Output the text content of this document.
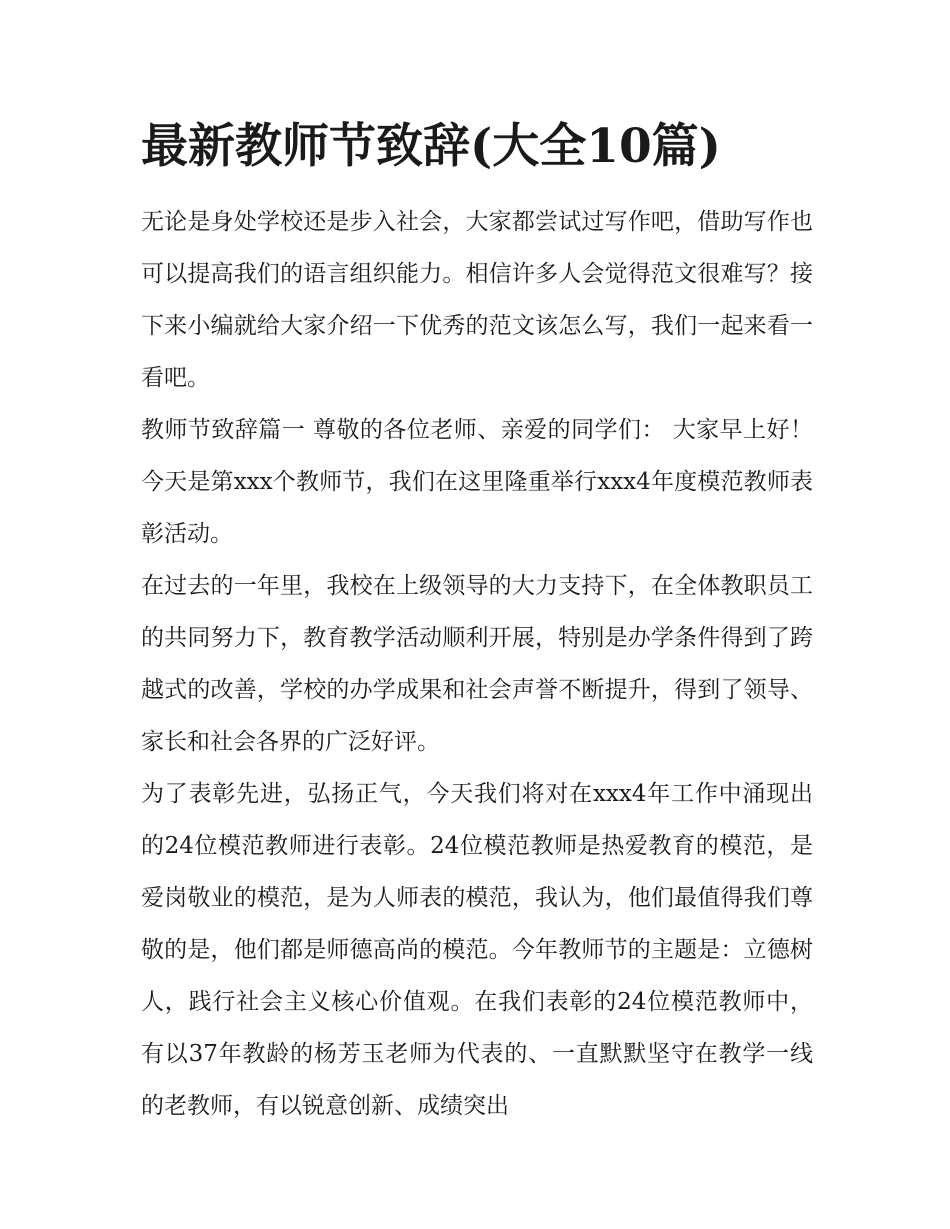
最新教师节致辞(大全10篇)

无论是身处学校还是步入社会，大家都尝试过写作吧，借助写作也可以提高我们的语言组织能力。相信许多人会觉得范文很难写？接下来小编就给大家介绍一下优秀的范文该怎么写，我们一起来看一看吧。

教师节致辞篇一 尊敬的各位老师、亲爱的同学们： 大家早上好！ 今天是第xxx个教师节，我们在这里隆重举行xxx4年度模范教师表彰活动。

在过去的一年里，我校在上级领导的大力支持下，在全体教职员工的共同努力下，教育教学活动顺利开展，特别是办学条件得到了跨越式的改善，学校的办学成果和社会声誉不断提升，得到了领导、家长和社会各界的广泛好评。

为了表彰先进，弘扬正气，今天我们将对在xxx4年工作中涌现出的24位模范教师进行表彰。24位模范教师是热爱教育的模范，是爱岗敬业的模范，是为人师表的模范，我认为，他们最值得我们尊敬的是，他们都是师德高尚的模范。今年教师节的主题是：立德树人，践行社会主义核心价值观。在我们表彰的24位模范教师中，有以37年教龄的杨芳玉老师为代表的、一直默默坚守在教学一线的老教师，有以锐意创新、成绩突出
